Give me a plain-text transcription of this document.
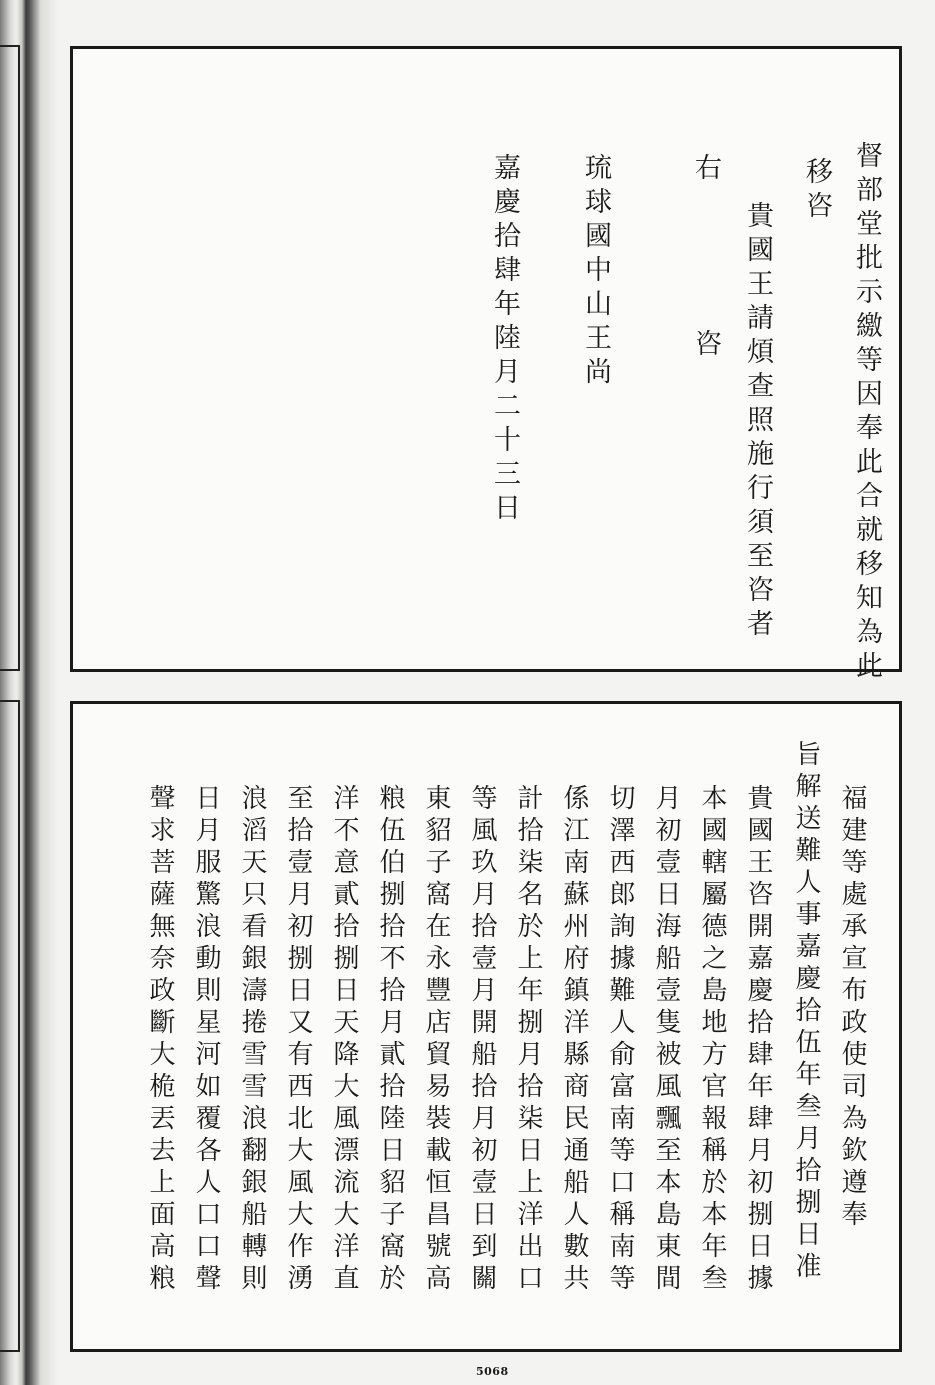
督部堂批示繳等因奉此合就移知為此
移咨
貴國王請煩查照施行須至咨者
右
咨
琉球國中山王尚
嘉慶拾肆年陸月二十三日
福建等處承宣布政使司為欽遵奉
旨解送難人事嘉慶拾伍年叁月拾捌日准
貴國王咨開嘉慶拾肆年肆月初捌日據
本國轄屬德之島地方官報稱於本年叁
月初壹日海船壹隻被風飄至本島東間
切澤西郎詢據難人俞富南等口稱南等
係江南蘇州府鎮洋縣商民通船人數共
計拾柒名於上年捌月拾柒日上洋出口
等風玖月拾壹月開船拾月初壹日到關
東貂子窩在永豐店貿易裝載恒昌號高
粮伍伯捌拾不拾月貳拾陸日貂子窩於
洋不意貳拾捌日天降大風漂流大洋直
至拾壹月初捌日又有西北大風大作湧
浪滔天只看銀濤捲雪雪浪翻銀船轉則
日月服驚浪動則星河如覆各人口口聲
聲求菩薩無奈政斷大桅丟去上面高粮
5068
